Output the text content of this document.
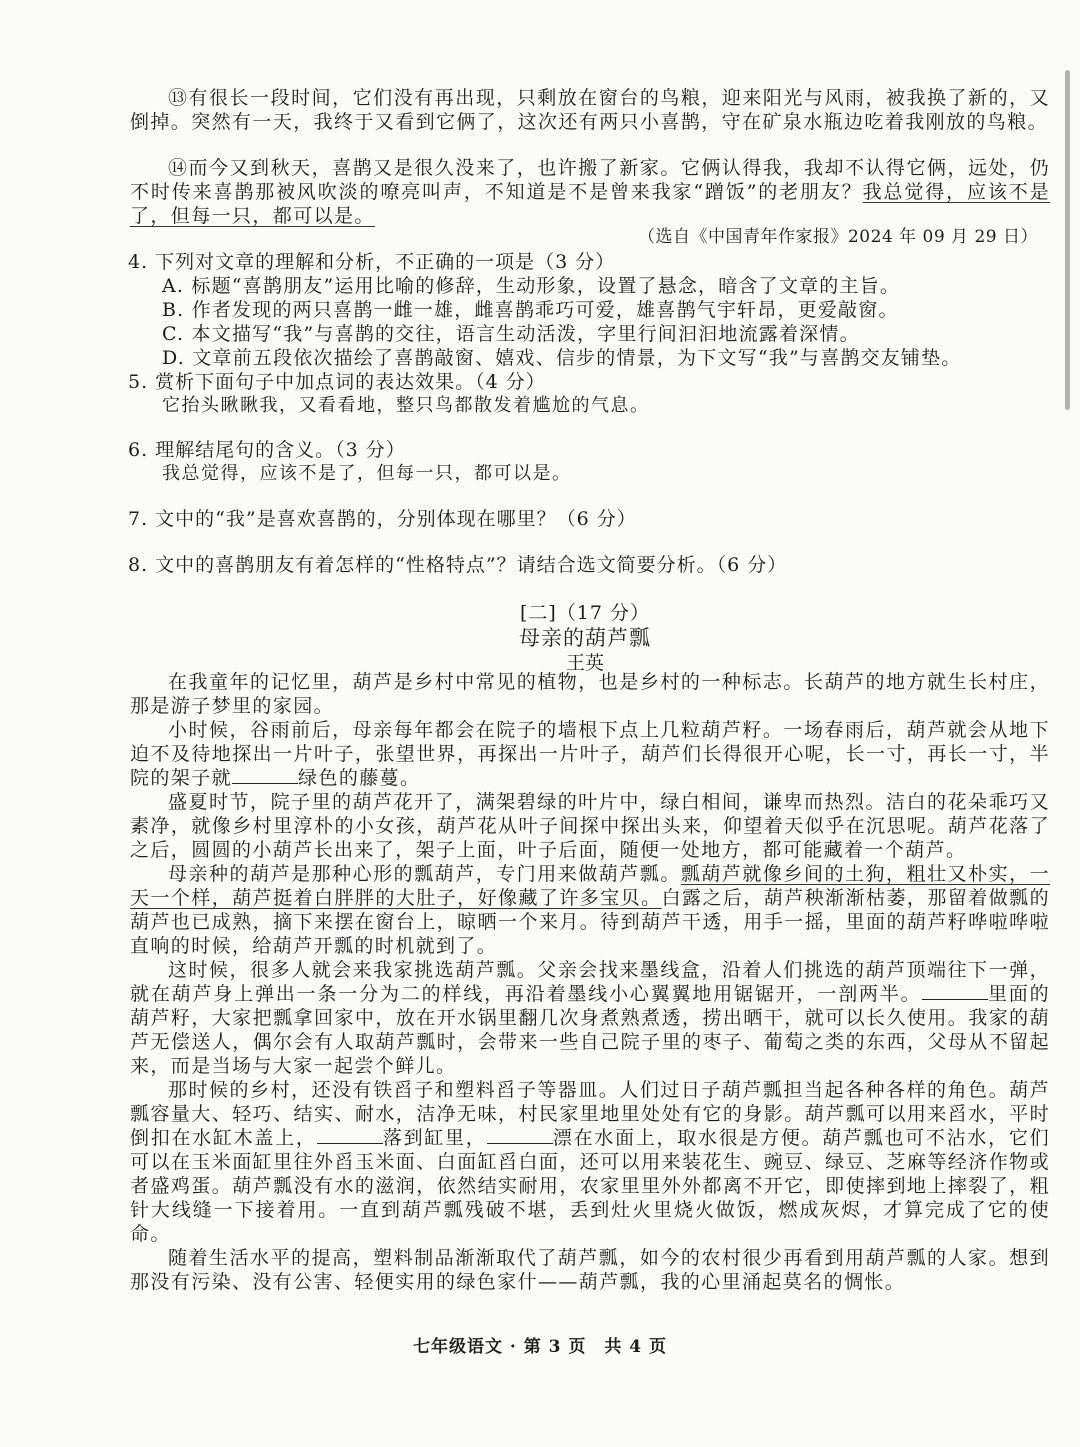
⑬有很长一段时间，它们没有再出现，只剩放在窗台的鸟粮，迎来阳光与风雨，被我换了新的，又倒掉。突然有一天，我终于又看到它俩了，这次还有两只小喜鹊，守在矿泉水瓶边吃着我刚放的鸟粮。

⑭而今又到秋天，喜鹊又是很久没来了，也许搬了新家。它俩认得我，我却不认得它俩，远处，仍不时传来喜鹊那被风吹淡的嘹亮叫声，不知道是不是曾来我家“蹭饭”的老朋友？我总觉得，应该不是了，但每一只，都可以是。

（选自《中国青年作家报》2024 年 09 月 29 日）

4. 下列对文章的理解和分析，不正确的一项是（3 分）

A. 标题“喜鹊朋友”运用比喻的修辞，生动形象，设置了悬念，暗含了文章的主旨。

B. 作者发现的两只喜鹊一雌一雄，雌喜鹊乖巧可爱，雄喜鹊气宇轩昂，更爱敲窗。

C. 本文描写“我”与喜鹊的交往，语言生动活泼，字里行间汩汩地流露着深情。

D. 文章前五段依次描绘了喜鹊敲窗、嬉戏、信步的情景，为下文写“我”与喜鹊交友铺垫。

5. 赏析下面句子中加点词的表达效果。（4 分）

它抬头瞅瞅我，又看看地，整只鸟都散发着尴尬的气息。

6. 理解结尾句的含义。（3 分）

我总觉得，应该不是了，但每一只，都可以是。

7. 文中的“我”是喜欢喜鹊的，分别体现在哪里？（6 分）

8. 文中的喜鹊朋友有着怎样的“性格特点”？请结合选文简要分析。（6 分）

[二]（17 分）

母亲的葫芦瓢

王英

在我童年的记忆里，葫芦是乡村中常见的植物，也是乡村的一种标志。长葫芦的地方就生长村庄，那是游子梦里的家园。

小时候，谷雨前后，母亲每年都会在院子的墙根下点上几粒葫芦籽。一场春雨后，葫芦就会从地下迫不及待地探出一片叶子，张望世界，再探出一片叶子，葫芦们长得很开心呢，长一寸，再长一寸，半院的架子就	绿色的藤蔓。

盛夏时节，院子里的葫芦花开了，满架碧绿的叶片中，绿白相间，谦卑而热烈。洁白的花朵乖巧又素净，就像乡村里淳朴的小女孩，葫芦花从叶子间探中探出头来，仰望着天似乎在沉思呢。葫芦花落了之后，圆圆的小葫芦长出来了，架子上面，叶子后面，随便一处地方，都可能藏着一个葫芦。

母亲种的葫芦是那种心形的瓢葫芦，专门用来做葫芦瓢。瓢葫芦就像乡间的土狗，粗壮又朴实，一天一个样，葫芦挺着白胖胖的大肚子，好像藏了许多宝贝。白露之后，葫芦秧渐渐枯萎，那留着做瓢的葫芦也已成熟，摘下来摆在窗台上，晾晒一个来月。待到葫芦干透，用手一摇，里面的葫芦籽哗啦哗啦直响的时候，给葫芦开瓢的时机就到了。

这时候，很多人就会来我家挑选葫芦瓢。父亲会找来墨线盒，沿着人们挑选的葫芦顶端往下一弹，就在葫芦身上弹出一条一分为二的样线，再沿着墨线小心翼翼地用锯锯开，一剖两半。	里面的葫芦籽，大家把瓢拿回家中，放在开水锅里翻几次身煮熟煮透，捞出晒干，就可以长久使用。我家的葫芦无偿送人，偶尔会有人取葫芦瓢时，会带来一些自己院子里的枣子、葡萄之类的东西，父母从不留起来，而是当场与大家一起尝个鲜儿。

那时候的乡村，还没有铁舀子和塑料舀子等器皿。人们过日子葫芦瓢担当起各种各样的角色。葫芦瓢容量大、轻巧、结实、耐水，洁净无味，村民家里地里处处有它的身影。葫芦瓢可以用来舀水，平时倒扣在水缸木盖上，	落到缸里，	漂在水面上，取水很是方便。葫芦瓢也可不沾水，它们可以在玉米面缸里往外舀玉米面、白面缸舀白面，还可以用来装花生、豌豆、绿豆、芝麻等经济作物或者盛鸡蛋。葫芦瓢没有水的滋润，依然结实耐用，农家里里外外都离不开它，即使摔到地上摔裂了，粗针大线缝一下接着用。一直到葫芦瓢残破不堪，丢到灶火里烧火做饭，燃成灰烬，才算完成了它的使命。

随着生活水平的提高，塑料制品渐渐取代了葫芦瓢，如今的农村很少再看到用葫芦瓢的人家。想到那没有污染、没有公害、轻便实用的绿色家什——葫芦瓢，我的心里涌起莫名的惆怅。

七年级语文 · 第 3 页　共 4 页
